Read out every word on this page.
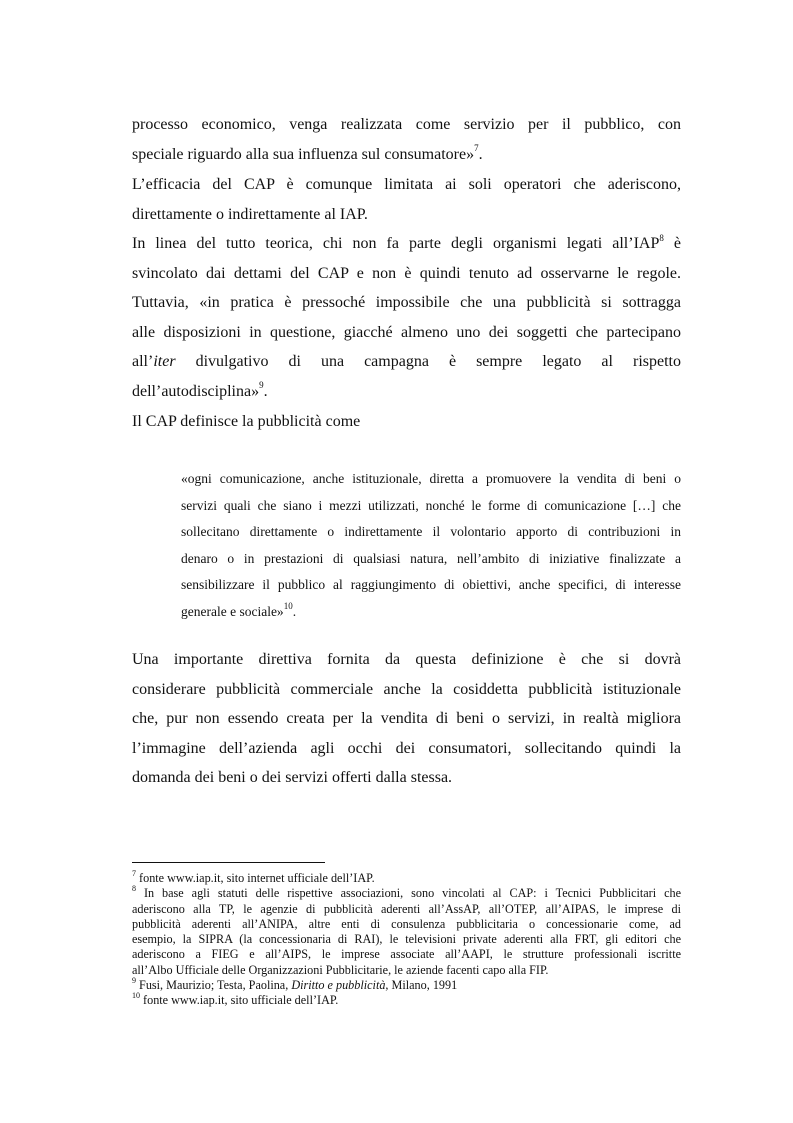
processo economico, venga realizzata come servizio per il pubblico, con
speciale riguardo alla sua influenza sul consumatore»$^7$.
L’efficacia del CAP è comunque limitata ai soli operatori che aderiscono,
direttamente o indirettamente al IAP.
In linea del tutto teorica, chi non fa parte degli organismi legati all’IAP$^8$ è
svincolato dai dettami del CAP e non è quindi tenuto ad osservarne le regole.
Tuttavia, «in pratica è pressoché impossibile che una pubblicità si sottragga
alle disposizioni in questione, giacché almeno uno dei soggetti che partecipano
all’iter divulgativo di una campagna è sempre legato al rispetto
dell’autodisciplina»$^9$.
Il CAP definisce la pubblicità come
«ogni comunicazione, anche istituzionale, diretta a promuovere la vendita di beni o
servizi quali che siano i mezzi utilizzati, nonché le forme di comunicazione […] che
sollecitano direttamente o indirettamente il volontario apporto di contribuzioni in
denaro o in prestazioni di qualsiasi natura, nell’ambito di iniziative finalizzate a
sensibilizzare il pubblico al raggiungimento di obiettivi, anche specifici, di interesse
generale e sociale»$^{10}$.
Una importante direttiva fornita da questa definizione è che si dovrà
considerare pubblicità commerciale anche la cosiddetta pubblicità istituzionale
che, pur non essendo creata per la vendita di beni o servizi, in realtà migliora
l’immagine dell’azienda agli occhi dei consumatori, sollecitando quindi la
domanda dei beni o dei servizi offerti dalla stessa.
$^7$ fonte www.iap.it, sito internet ufficiale dell’IAP.
$^8$ In base agli statuti delle rispettive associazioni, sono vincolati al CAP: i Tecnici Pubblicitari che
aderiscono alla TP, le agenzie di pubblicità aderenti all’AssAP, all’OTEP, all’AIPAS, le imprese di
pubblicità aderenti all’ANIPA, altre enti di consulenza pubblicitaria o concessionarie come, ad
esempio, la SIPRA (la concessionaria di RAI), le televisioni private aderenti alla FRT, gli editori che
aderiscono a FIEG e all’AIPS, le imprese associate all’AAPI, le strutture professionali iscritte
all’Albo Ufficiale delle Organizzazioni Pubblicitarie, le aziende facenti capo alla FIP.
$^9$ Fusi, Maurizio; Testa, Paolina, Diritto e pubblicità, Milano, 1991
$^{10}$ fonte www.iap.it, sito ufficiale dell’IAP.
